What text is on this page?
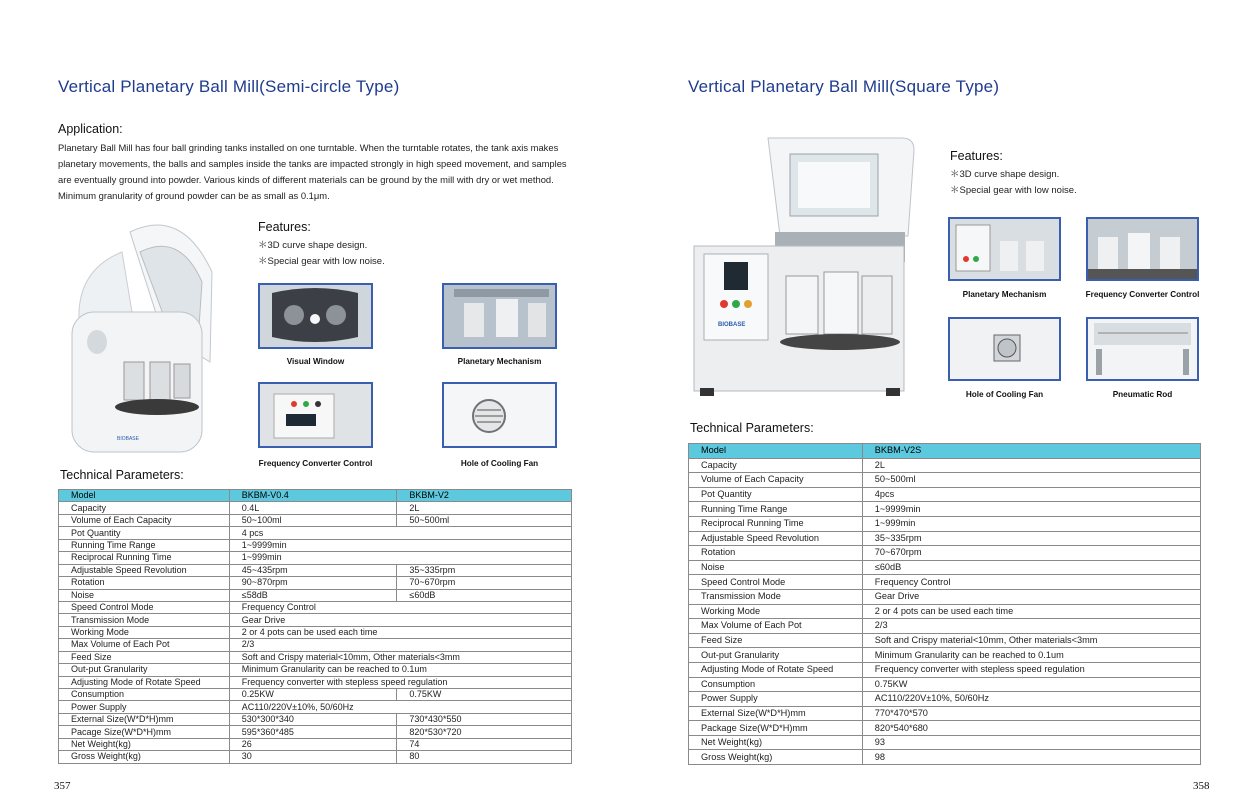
Vertical Planetary Ball Mill(Semi-circle Type)
Application:
Planetary Ball Mill has four ball grinding tanks installed on one turntable. When the turntable rotates, the tank axis makes
planetary movements, the balls and samples inside the tanks are impacted strongly in high speed movement, and samples
are eventually ground into powder. Various kinds of different materials can be ground by the mill with dry or wet method.
Minimum granularity of ground powder can be as small as 0.1μm.
BIOBASE
Features:
＊3D curve shape design.
＊Special gear with low noise.
Visual Window	Planetary Mechanism
Frequency Converter Control	Hole of Cooling Fan
Technical Parameters:
Model	BKBM-V0.4	BKBM-V2
Capacity	0.4L	2L
Volume of Each Capacity	50~100ml	50~500ml
Pot Quantity	4 pcs	
Running Time Range	1~9999min	
Reciprocal Running Time	1~999min	
Adjustable Speed Revolution	45~435rpm	35~335rpm
Rotation	90~870rpm	70~670rpm
Noise	≤58dB	≤60dB
Speed Control Mode	Frequency Control	
Transmission Mode	Gear Drive	
Working Mode	2 or 4 pots can be used each time	
Max Volume of Each Pot	2/3	
Feed Size	Soft and Crispy material<10mm, Other materials<3mm	
Out-put Granularity	Minimum Granularity can be reached to 0.1um	
Adjusting Mode of Rotate Speed	Frequency converter with stepless speed regulation	
Consumption	0.25KW	0.75KW
Power Supply	AC110/220V±10%, 50/60Hz	
External Size(W*D*H)mm	530*300*340	730*430*550
Pacage Size(W*D*H)mm	595*360*485	820*530*720
Net Weight(kg)	26	74
Gross Weight(kg)	30	80
357
Vertical Planetary Ball Mill(Square Type)
BIOBASE
Features:
＊3D curve shape design.
＊Special gear with low noise.
Planetary Mechanism	Frequency Converter Control
Hole of Cooling Fan	Pneumatic Rod
Technical Parameters:
Model	BKBM-V2S
Capacity	2L
Volume of Each Capacity	50~500ml
Pot Quantity	4pcs
Running Time Range	1~9999min
Reciprocal Running Time	1~999min
Adjustable Speed Revolution	35~335rpm
Rotation	70~670rpm
Noise	≤60dB
Speed Control Mode	Frequency Control
Transmission Mode	Gear Drive
Working Mode	2 or 4 pots can be used each time
Max Volume of Each Pot	2/3
Feed Size	Soft and Crispy material<10mm, Other materials<3mm
Out-put Granularity	Minimum Granularity can be reached to 0.1um
Adjusting Mode of Rotate Speed	Frequency converter with stepless speed regulation
Consumption	0.75KW
Power Supply	AC110/220V±10%, 50/60Hz
External Size(W*D*H)mm	770*470*570
Package Size(W*D*H)mm	820*540*680
Net Weight(kg)	93
Gross Weight(kg)	98
358
